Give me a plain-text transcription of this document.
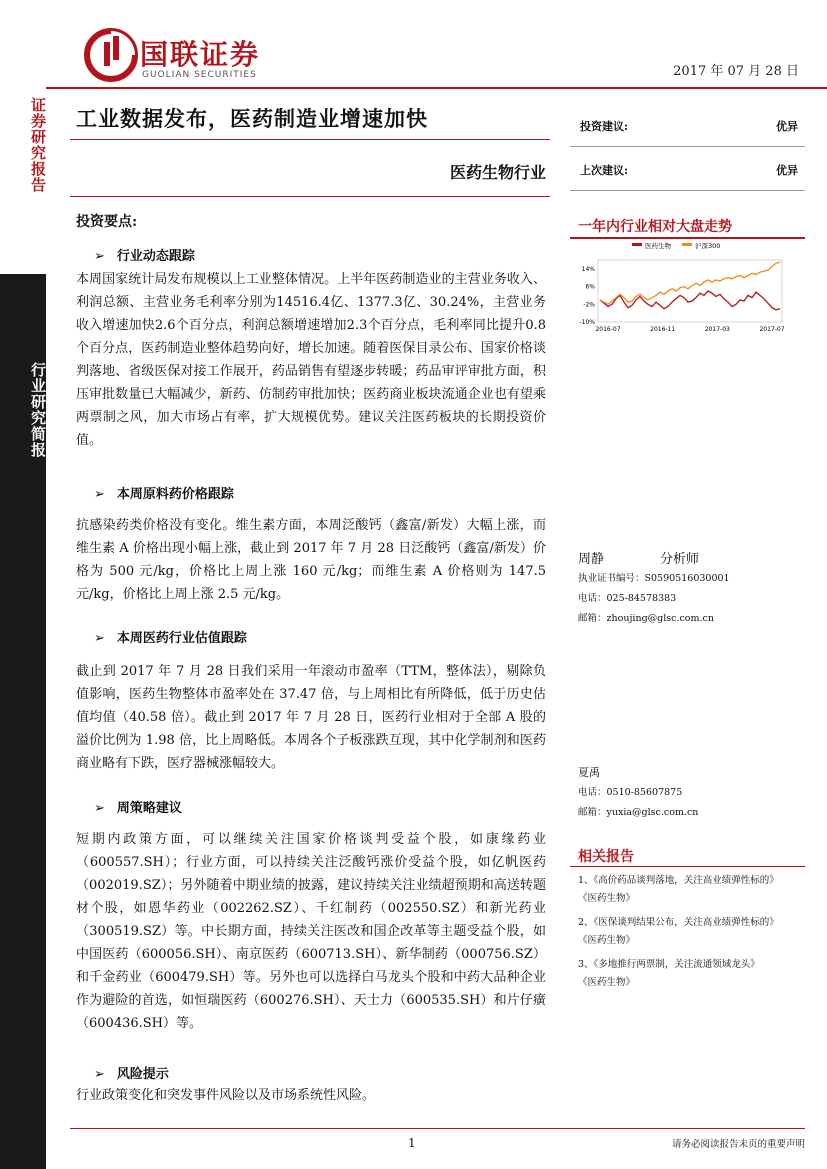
证券研究报告
行业研究简报
国联证券
GUOLIAN SECURITIES	2017 年 07 月 28 日
工业数据发布，医药制造业增速加快
医药生物行业
投资建议:	优异
上次建议:	优异
投资要点:
➢ 行业动态跟踪
本周国家统计局发布规模以上工业整体情况。上半年医药制造业的主营业务收入、利润总额、主营业务毛利率分别为14516.4亿、1377.3亿、30.24%，主营业务收入增速加快2.6个百分点，利润总额增速增加2.3个百分点，毛利率同比提升0.8个百分点，医药制造业整体趋势向好，增长加速。随着医保目录公布、国家价格谈判落地、省级医保对接工作展开，药品销售有望逐步转暖；药品审评审批方面，积压审批数量已大幅减少，新药、仿制药审批加快；医药商业板块流通企业也有望乘两票制之风，加大市场占有率，扩大规模优势。建议关注医药板块的长期投资价值。
➢ 本周原料药价格跟踪
抗感染药类价格没有变化。维生素方面，本周泛酸钙（鑫富/新发）大幅上涨，而维生素 A 价格出现小幅上涨，截止到 2017 年 7 月 28 日泛酸钙（鑫富/新发）价格为 500 元/kg，价格比上周上涨 160 元/kg；而维生素 A 价格则为 147.5 元/kg，价格比上周上涨 2.5 元/kg。
➢ 本周医药行业估值跟踪
截止到 2017 年 7 月 28 日我们采用一年滚动市盈率（TTM，整体法），剔除负值影响，医药生物整体市盈率处在 37.47 倍，与上周相比有所降低，低于历史估值均值（40.58 倍）。截止到 2017 年 7 月 28 日，医药行业相对于全部 A 股的溢价比例为 1.98 倍，比上周略低。本周各个子板涨跌互现，其中化学制剂和医药商业略有下跌，医疗器械涨幅较大。
➢ 周策略建议
短期内政策方面，可以继续关注国家价格谈判受益个股，如康缘药业（600557.SH）；行业方面，可以持续关注泛酸钙涨价受益个股，如亿帆医药（002019.SZ）；另外随着中期业绩的披露，建议持续关注业绩超预期和高送转题材个股，如恩华药业（002262.SZ）、千红制药（002550.SZ）和新光药业（300519.SZ）等。中长期方面，持续关注医改和国企改革等主题受益个股，如中国医药（600056.SH）、南京医药（600713.SH）、新华制药（000756.SZ）和千金药业（600479.SH）等。另外也可以选择白马龙头个股和中药大品种企业作为避险的首选，如恒瑞医药（600276.SH）、天士力（600535.SH）和片仔癀（600436.SH）等。
➢ 风险提示
行业政策变化和突发事件风险以及市场系统性风险。
一年内行业相对大盘走势
医药生物	沪深300
14%
6%
-2%
-10%
2016-07	2016-11	2017-03	2017-07
周静	分析师
执业证书编号：S0590516030001
电话：025-84578383
邮箱：zhoujing@glsc.com.cn
夏禹
电话：0510-85607875
邮箱：yuxia@glsc.com.cn
相关报告
1、《高价药品谈判落地，关注高业绩弹性标的》
《医药生物》
2、《医保谈判结果公布，关注高业绩弹性标的》
《医药生物》
3、《多地推行两票制，关注流通领域龙头》
《医药生物》
1	请务必阅读报告末页的重要声明
